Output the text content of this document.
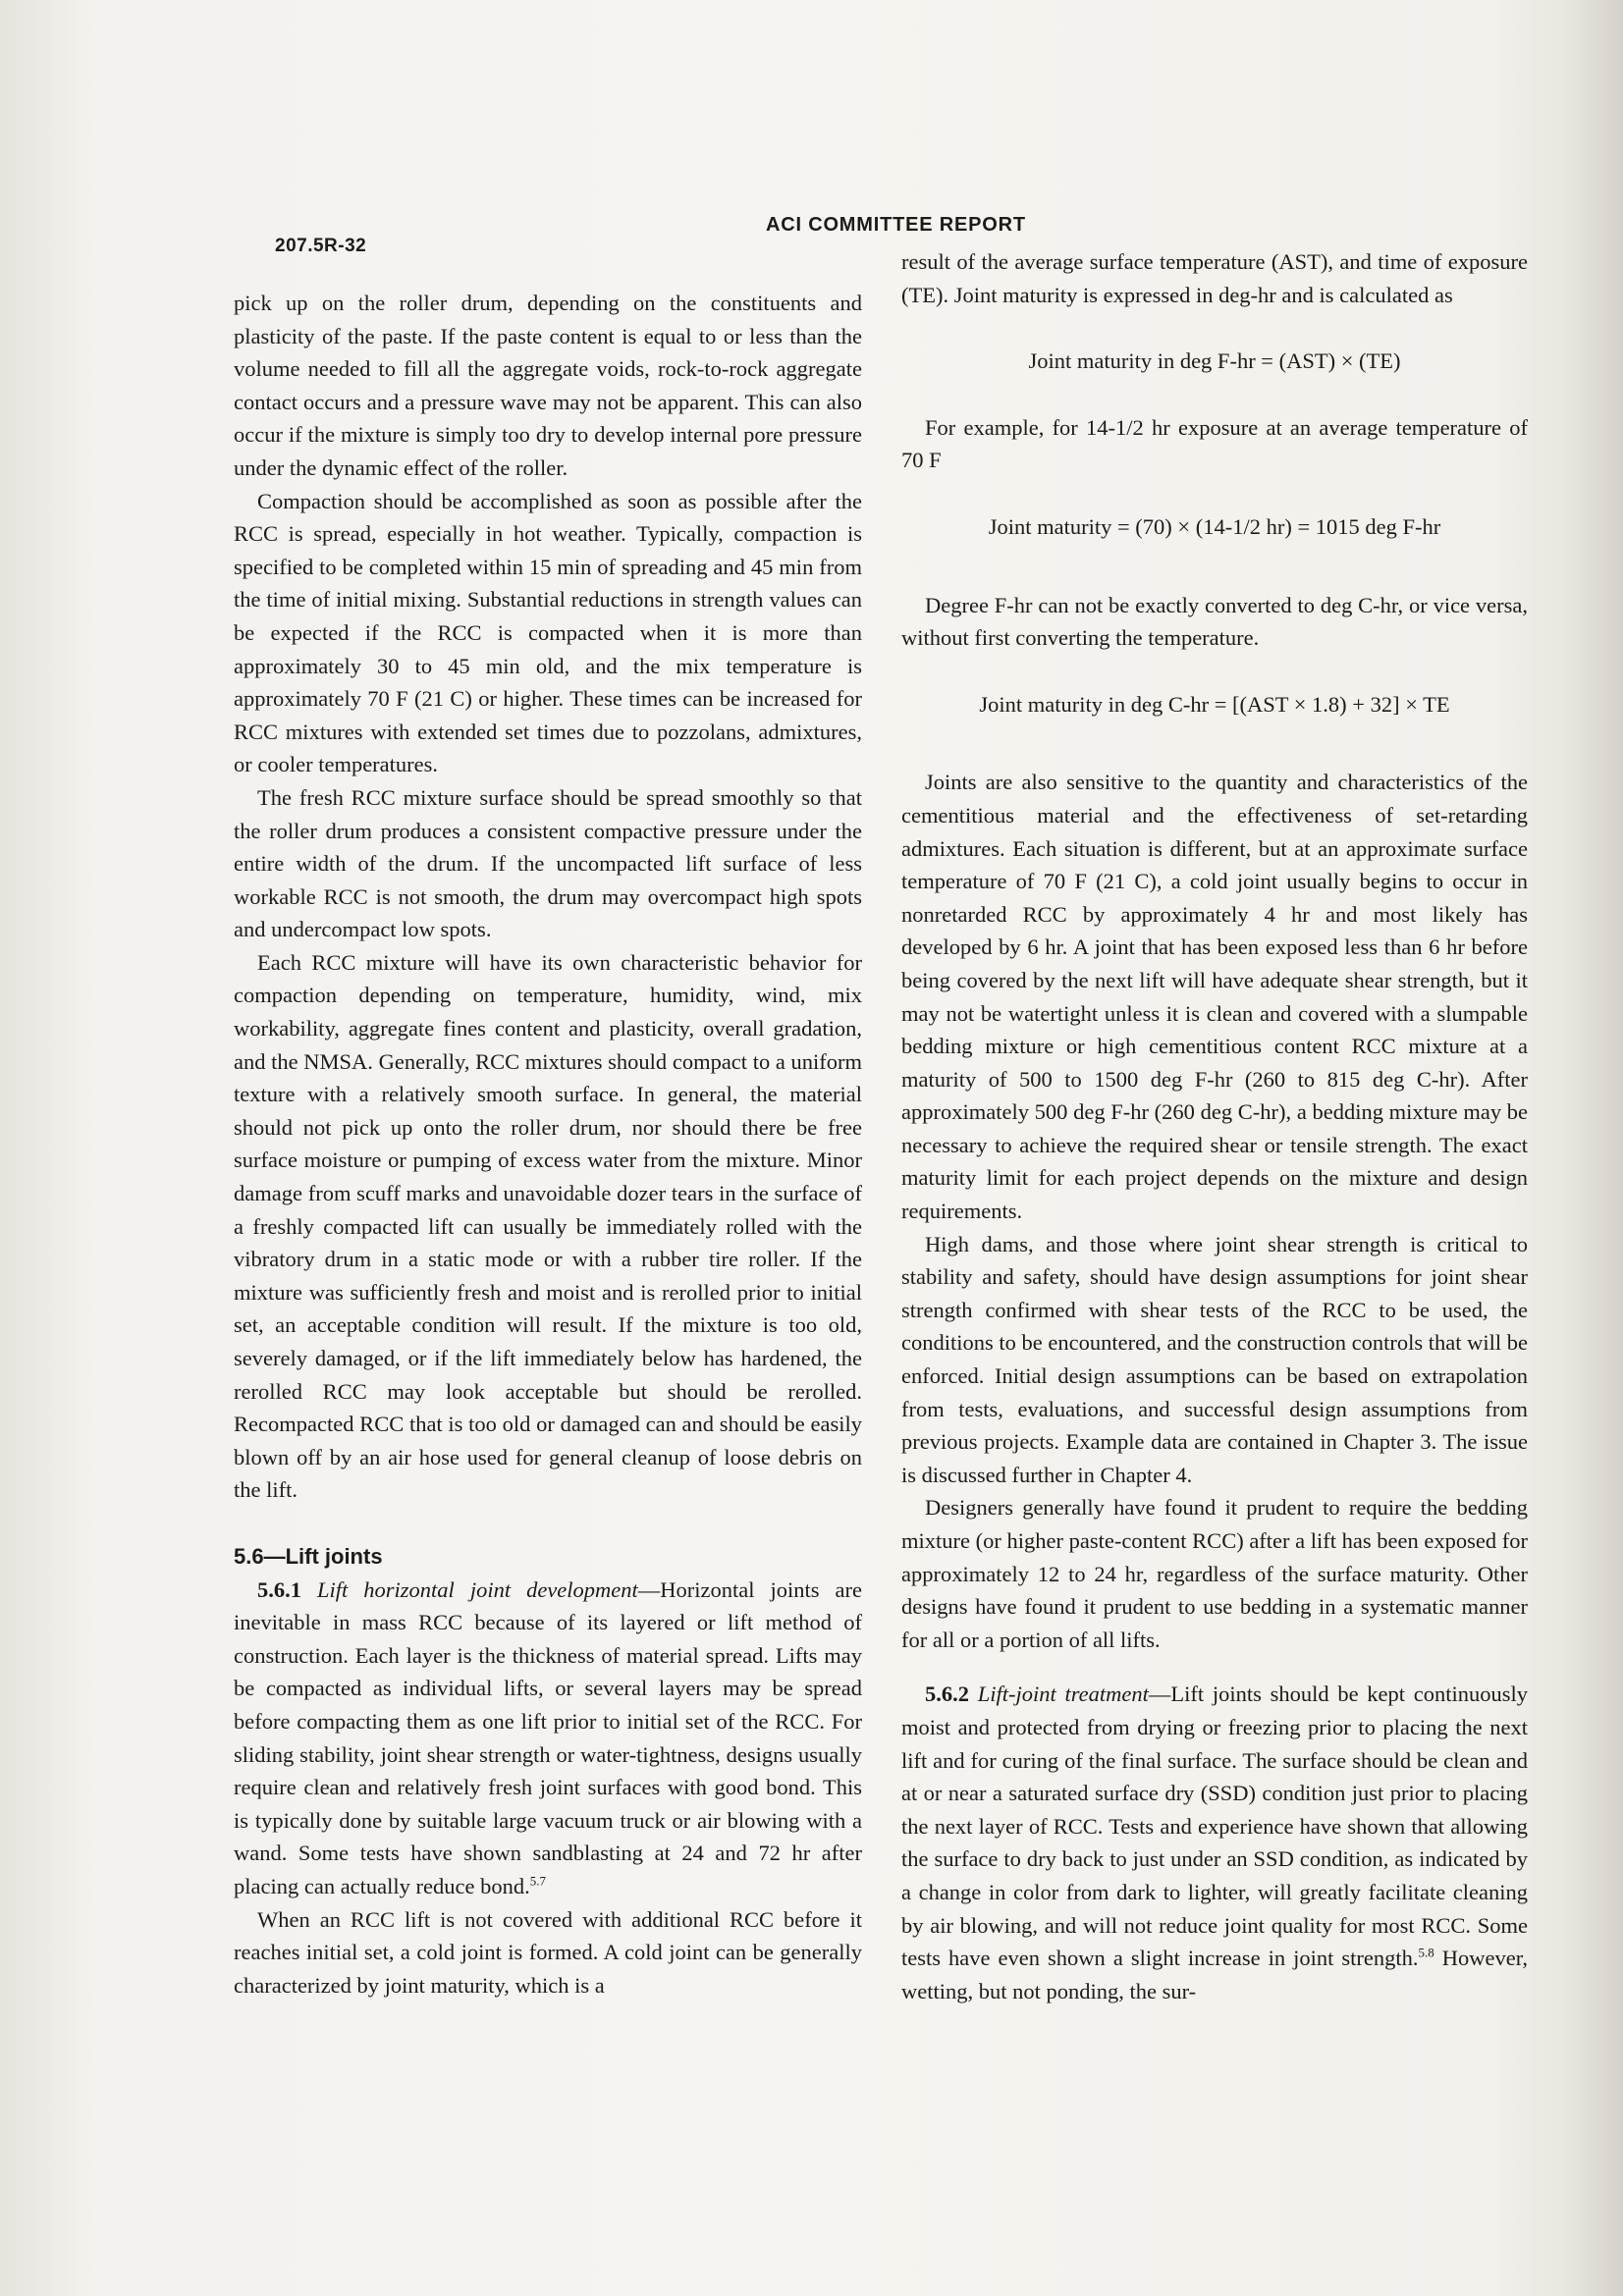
207.5R-32
ACI COMMITTEE REPORT

pick up on the roller drum, depending on the constituents and plasticity of the paste. If the paste content is equal to or less than the volume needed to fill all the aggregate voids, rock-to-rock aggregate contact occurs and a pressure wave may not be apparent. This can also occur if the mixture is simply too dry to develop internal pore pressure under the dynamic effect of the roller.

Compaction should be accomplished as soon as possible after the RCC is spread, especially in hot weather. Typically, compaction is specified to be completed within 15 min of spreading and 45 min from the time of initial mixing. Substantial reductions in strength values can be expected if the RCC is compacted when it is more than approximately 30 to 45 min old, and the mix temperature is approximately 70 F (21 C) or higher. These times can be increased for RCC mixtures with extended set times due to pozzolans, admixtures, or cooler temperatures.

The fresh RCC mixture surface should be spread smoothly so that the roller drum produces a consistent compactive pressure under the entire width of the drum. If the uncompacted lift surface of less workable RCC is not smooth, the drum may overcompact high spots and undercompact low spots.

Each RCC mixture will have its own characteristic behavior for compaction depending on temperature, humidity, wind, mix workability, aggregate fines content and plasticity, overall gradation, and the NMSA. Generally, RCC mixtures should compact to a uniform texture with a relatively smooth surface. In general, the material should not pick up onto the roller drum, nor should there be free surface moisture or pumping of excess water from the mixture. Minor damage from scuff marks and unavoidable dozer tears in the surface of a freshly compacted lift can usually be immediately rolled with the vibratory drum in a static mode or with a rubber tire roller. If the mixture was sufficiently fresh and moist and is rerolled prior to initial set, an acceptable condition will result. If the mixture is too old, severely damaged, or if the lift immediately below has hardened, the rerolled RCC may look acceptable but should be rerolled. Recompacted RCC that is too old or damaged can and should be easily blown off by an air hose used for general cleanup of loose debris on the lift.

5.6—Lift joints

5.6.1 Lift horizontal joint development—Horizontal joints are inevitable in mass RCC because of its layered or lift method of construction. Each layer is the thickness of material spread. Lifts may be compacted as individual lifts, or several layers may be spread before compacting them as one lift prior to initial set of the RCC. For sliding stability, joint shear strength or water-tightness, designs usually require clean and relatively fresh joint surfaces with good bond. This is typically done by suitable large vacuum truck or air blowing with a wand. Some tests have shown sandblasting at 24 and 72 hr after placing can actually reduce bond.$^{5.7}$

When an RCC lift is not covered with additional RCC before it reaches initial set, a cold joint is formed. A cold joint can be generally characterized by joint maturity, which is a

result of the average surface temperature (AST), and time of exposure (TE). Joint maturity is expressed in deg-hr and is calculated as

Joint maturity in deg F-hr = (AST) × (TE)

For example, for 14-1/2 hr exposure at an average temperature of 70 F

Joint maturity = (70) × (14-1/2 hr) = 1015 deg F-hr

Degree F-hr can not be exactly converted to deg C-hr, or vice versa, without first converting the temperature.

Joint maturity in deg C-hr = [(AST × 1.8) + 32] × TE

Joints are also sensitive to the quantity and characteristics of the cementitious material and the effectiveness of set-retarding admixtures. Each situation is different, but at an approximate surface temperature of 70 F (21 C), a cold joint usually begins to occur in nonretarded RCC by approximately 4 hr and most likely has developed by 6 hr. A joint that has been exposed less than 6 hr before being covered by the next lift will have adequate shear strength, but it may not be watertight unless it is clean and covered with a slumpable bedding mixture or high cementitious content RCC mixture at a maturity of 500 to 1500 deg F-hr (260 to 815 deg C-hr). After approximately 500 deg F-hr (260 deg C-hr), a bedding mixture may be necessary to achieve the required shear or tensile strength. The exact maturity limit for each project depends on the mixture and design requirements.

High dams, and those where joint shear strength is critical to stability and safety, should have design assumptions for joint shear strength confirmed with shear tests of the RCC to be used, the conditions to be encountered, and the construction controls that will be enforced. Initial design assumptions can be based on extrapolation from tests, evaluations, and successful design assumptions from previous projects. Example data are contained in Chapter 3. The issue is discussed further in Chapter 4.

Designers generally have found it prudent to require the bedding mixture (or higher paste-content RCC) after a lift has been exposed for approximately 12 to 24 hr, regardless of the surface maturity. Other designs have found it prudent to use bedding in a systematic manner for all or a portion of all lifts.

5.6.2 Lift-joint treatment—Lift joints should be kept continuously moist and protected from drying or freezing prior to placing the next lift and for curing of the final surface. The surface should be clean and at or near a saturated surface dry (SSD) condition just prior to placing the next layer of RCC. Tests and experience have shown that allowing the surface to dry back to just under an SSD condition, as indicated by a change in color from dark to lighter, will greatly facilitate cleaning by air blowing, and will not reduce joint quality for most RCC. Some tests have even shown a slight increase in joint strength.$^{5.8}$ However, wetting, but not ponding, the sur-
